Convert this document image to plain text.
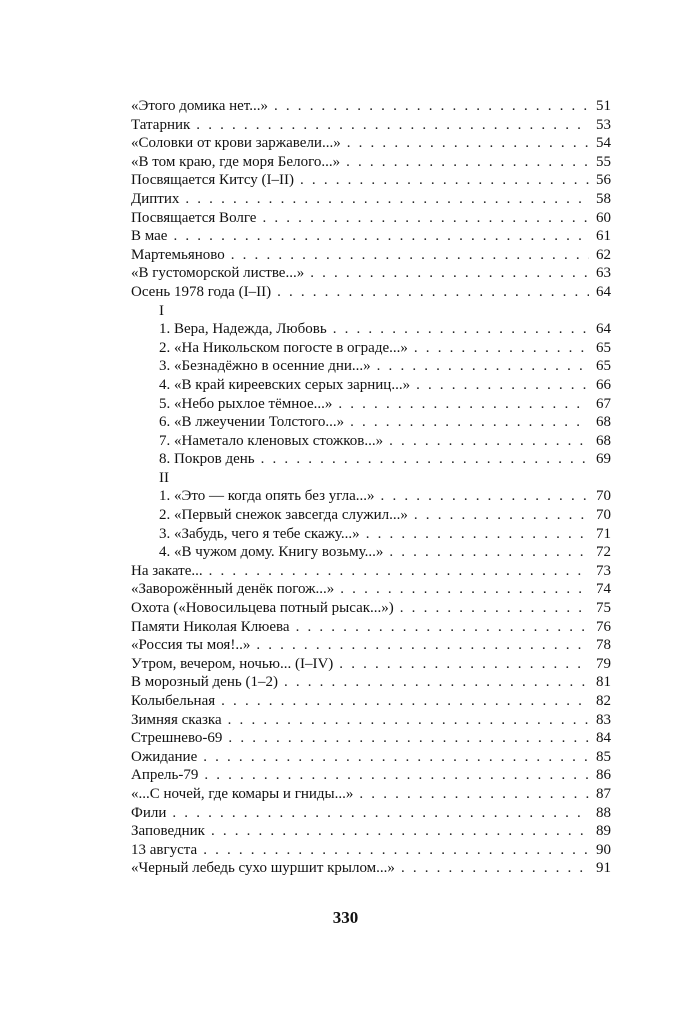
«Этого домика нет...» . . .	51
Татарник . . .	53
«Соловки от крови заржавели...» . . .	54
«В том краю, где моря Белого...» . . .	55
Посвящается Китсу (I–II) . . .	56
Диптих . . .	58
Посвящается Волге . . .	60
В мае . . .	61
Мартемьяново . . .	62
«В густоморской листве...» . . .	63
Осень 1978 года (I–II) . . .	64
I
1. Вера, Надежда, Любовь . . .	64
2. «На Никольском погосте в ограде...» . . .	65
3. «Безнадёжно в осенние дни...» . . .	65
4. «В край киреевских серых зарниц...» . . .	66
5. «Небо рыхлое тёмное...» . . .	67
6. «В лжеучении Толстого...» . . .	68
7. «Наметало кленовых стожков...» . . .	68
8. Покров день . . .	69
II
1. «Это — когда опять без угла...» . . .	70
2. «Первый снежок завсегда служил...» . . .	70
3. «Забудь, чего я тебе скажу...» . . .	71
4. «В чужом дому. Книгу возьму...» . . .	72
На закате... . . .	73
«Заворожённый денёк погож...» . . .	74
Охота («Новосильцева потный рысак...») . . .	75
Памяти Николая Клюева . . .	76
«Россия ты моя!..» . . .	78
Утром, вечером, ночью... (I–IV) . . .	79
В морозный день (1–2) . . .	81
Колыбельная . . .	82
Зимняя сказка . . .	83
Стрешнево-69 . . .	84
Ожидание . . .	85
Апрель-79 . . .	86
«...С ночей, где комары и гниды...» . . .	87
Фили . . .	88
Заповедник . . .	89
13 августа . . .	90
«Черный лебедь сухо шуршит крылом...» . . .	91
330
